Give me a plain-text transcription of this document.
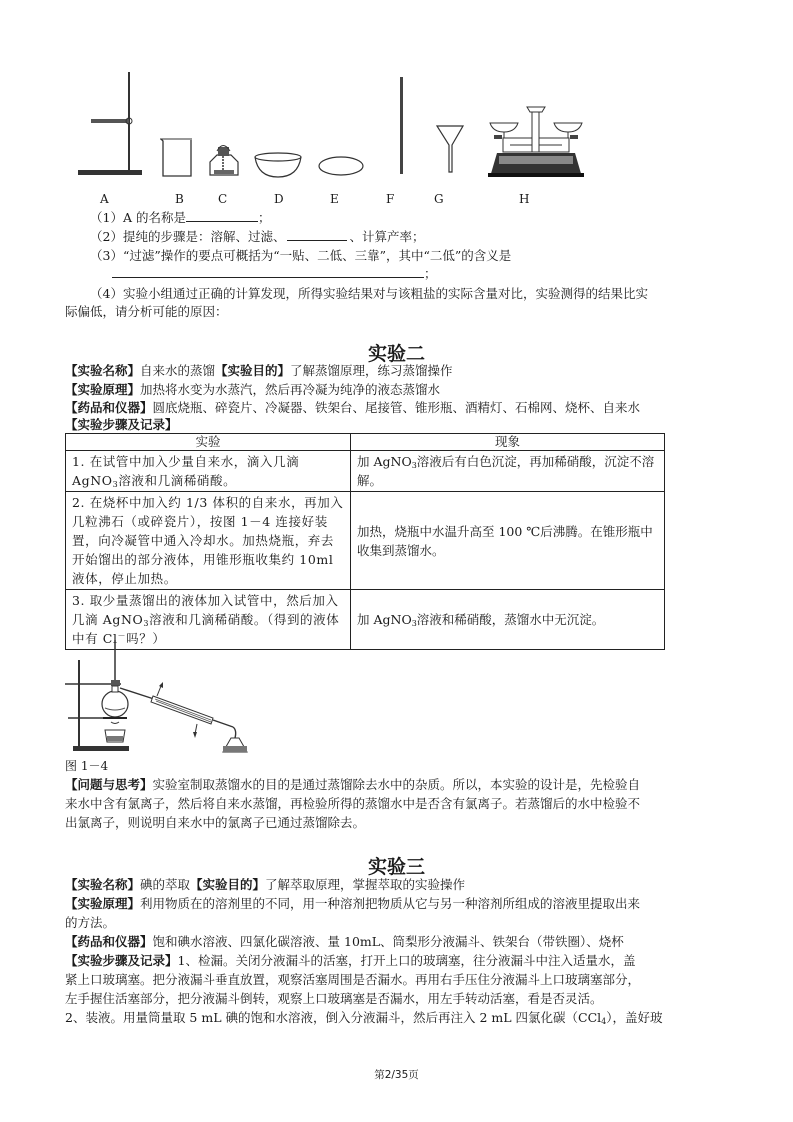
A	B	C	D	E	F	G	H
（1）A 的名称是	；
（2）提纯的步骤是：溶解、过滤、	、计算产率；
（3）“过滤”操作的要点可概括为“一贴、二低、三靠”，其中“二低”的含义是
；
（4）实验小组通过正确的计算发现，所得实验结果对与该粗盐的实际含量对比，实验测得的结果比实
际偏低，请分析可能的原因：
实验二
【实验名称】自来水的蒸馏【实验目的】了解蒸馏原理，练习蒸馏操作
【实验原理】加热将水变为水蒸汽，然后再冷凝为纯净的液态蒸馏水
【药品和仪器】圆底烧瓶、碎瓷片、冷凝器、铁架台、尾接管、锥形瓶、酒精灯、石棉网、烧杯、自来水
【实验步骤及记录】
实验	现象
1. 在试管中加入少量自来水，滴入几滴
AgNO$_3$溶液和几滴稀硝酸。	加 AgNO$_3$溶液后有白色沉淀，再加稀硝酸，沉淀不溶解。
2. 在烧杯中加入约 1/3 体积的自来水，再加入几粒沸石（或碎瓷片），按图 1－4 连接好装置，向冷凝管中通入冷却水。加热烧瓶，弃去开始馏出的部分液体，用锥形瓶收集约 10ml 液体，停止加热。	加热，烧瓶中水温升高至 100 ℃后沸腾。在锥形瓶中收集到蒸馏水。
3. 取少量蒸馏出的液体加入试管中，然后加入几滴 AgNO$_3$溶液和几滴稀硝酸。（得到的液体中有 Cl－吗？）	加 AgNO$_3$溶液和稀硝酸，蒸馏水中无沉淀。
图 1－4
【问题与思考】实验室制取蒸馏水的目的是通过蒸馏除去水中的杂质。所以，本实验的设计是，先检验自
来水中含有氯离子，然后将自来水蒸馏，再检验所得的蒸馏水中是否含有氯离子。若蒸馏后的水中检验不
出氯离子，则说明自来水中的氯离子已通过蒸馏除去。
实验三
【实验名称】碘的萃取【实验目的】了解萃取原理，掌握萃取的实验操作
【实验原理】利用物质在的溶剂里的不同，用一种溶剂把物质从它与另一种溶剂所组成的溶液里提取出来
的方法。
【药品和仪器】饱和碘水溶液、四氯化碳溶液、量 10mL、筒梨形分液漏斗、铁架台（带铁圈）、烧杯
【实验步骤及记录】1、检漏。关闭分液漏斗的活塞，打开上口的玻璃塞，往分液漏斗中注入适量水，盖
紧上口玻璃塞。把分液漏斗垂直放置，观察活塞周围是否漏水。再用右手压住分液漏斗上口玻璃塞部分，
左手握住活塞部分，把分液漏斗倒转，观察上口玻璃塞是否漏水，用左手转动活塞，看是否灵活。
2、装液。用量筒量取 5 mL 碘的饱和水溶液，倒入分液漏斗，然后再注入 2 mL 四氯化碳（CCl$_4$），盖好玻
第2/35页
